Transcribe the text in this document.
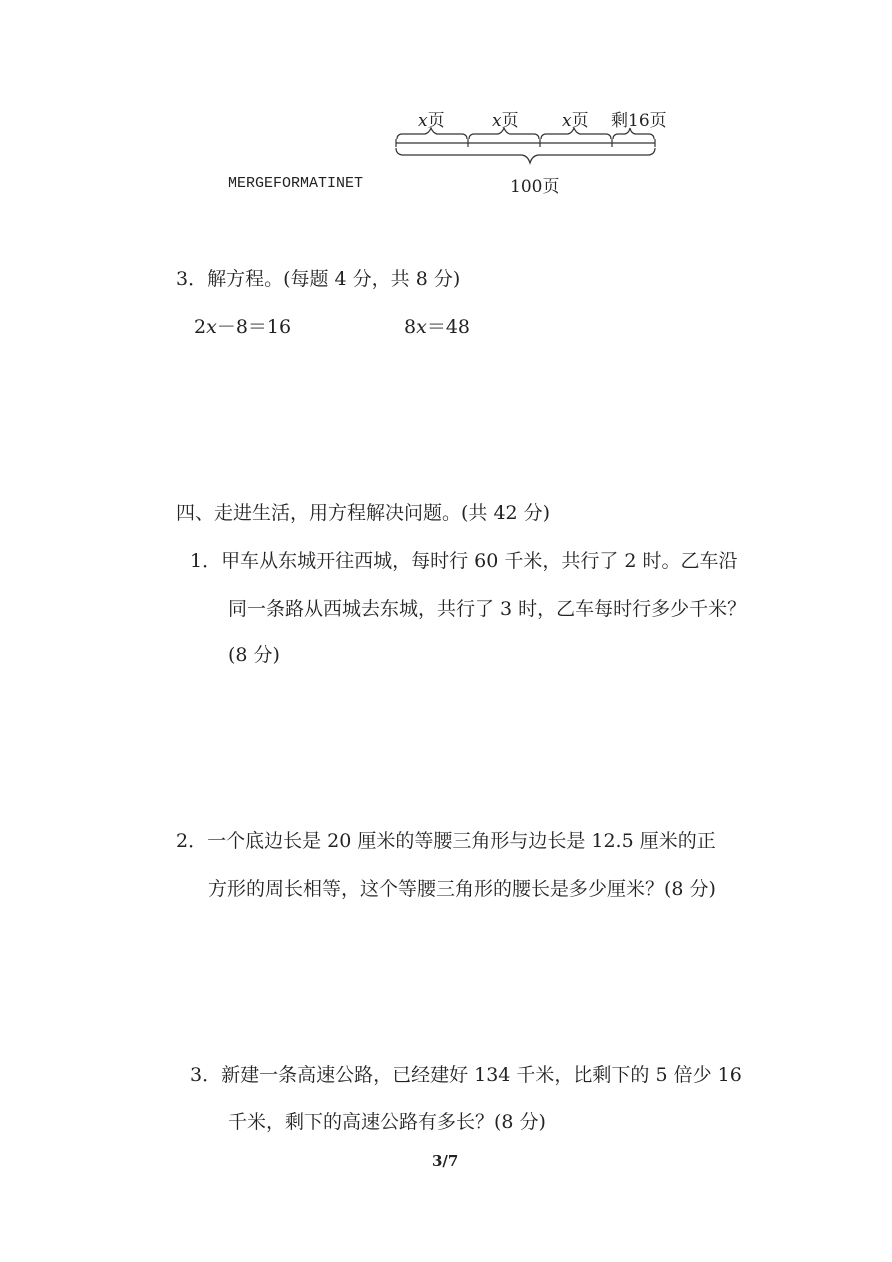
x页	x页	x页 剩16页
100页
MERGEFORMATINET
3．解方程。(每题 4 分，共 8 分)
2x－8＝16	8x＝48
四、走进生活，用方程解决问题。(共 42 分)
1．甲车从东城开往西城，每时行 60 千米，共行了 2 时。乙车沿
同一条路从西城去东城，共行了 3 时，乙车每时行多少千米？
(8 分)
2．一个底边长是 20 厘米的等腰三角形与边长是 12.5 厘米的正
方形的周长相等，这个等腰三角形的腰长是多少厘米？(8 分)
3．新建一条高速公路，已经建好 134 千米，比剩下的 5 倍少 16
千米，剩下的高速公路有多长？(8 分)
3/7
